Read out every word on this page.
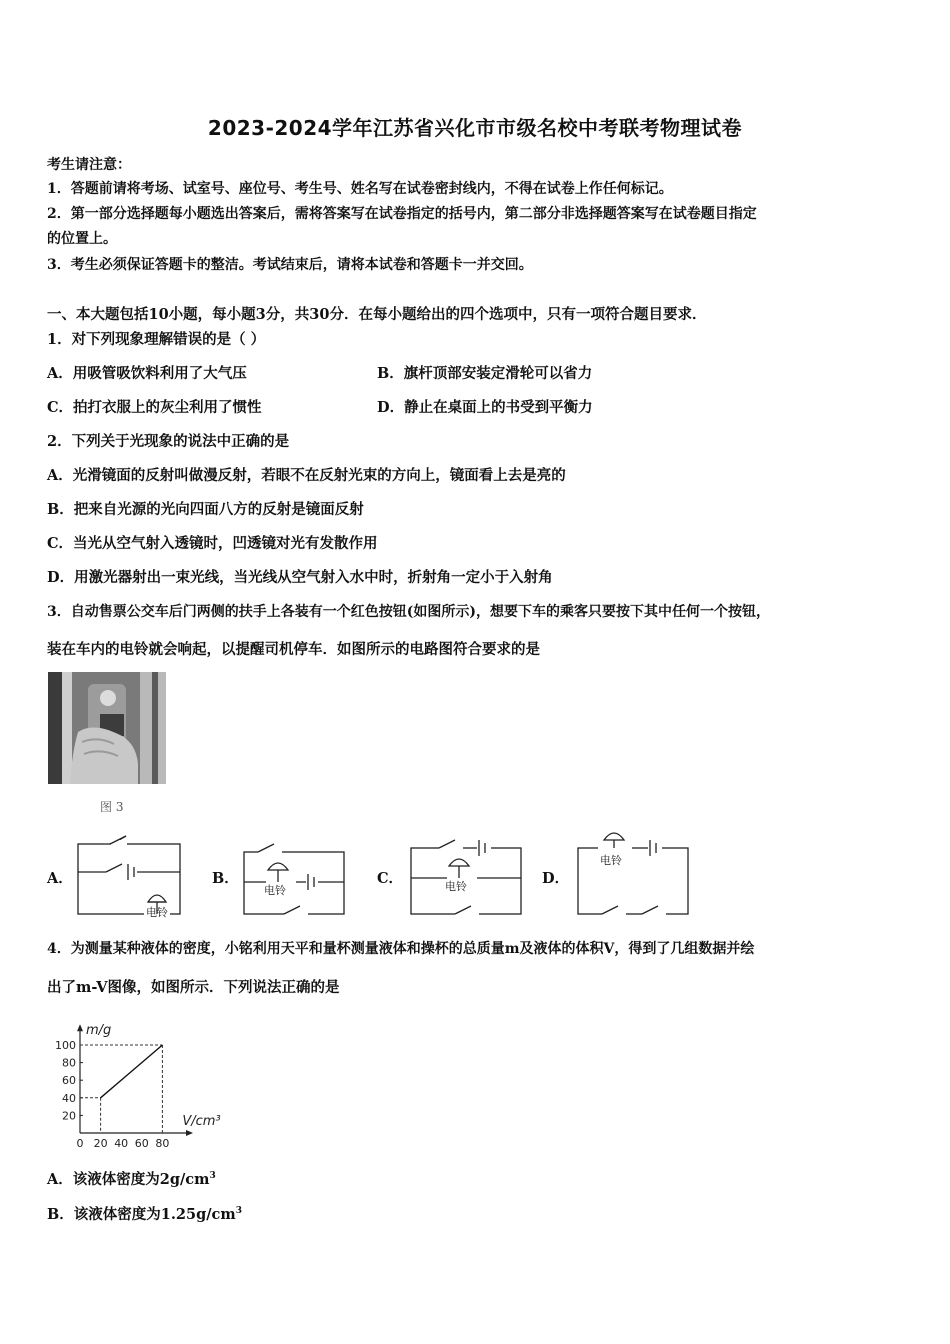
2023-2024学年江苏省兴化市市级名校中考联考物理试卷
考生请注意：
1．答题前请将考场、试室号、座位号、考生号、姓名写在试卷密封线内，不得在试卷上作任何标记。
2．第一部分选择题每小题选出答案后，需将答案写在试卷指定的括号内，第二部分非选择题答案写在试卷题目指定
的位置上。
3．考生必须保证答题卡的整洁。考试结束后，请将本试卷和答题卡一并交回。
一、本大题包括10小题，每小题3分，共30分．在每小题给出的四个选项中，只有一项符合题目要求．
1．对下列现象理解错误的是（ ）
A．用吸管吸饮料利用了大气压	B．旗杆顶部安装定滑轮可以省力
C．拍打衣服上的灰尘利用了惯性	D．静止在桌面上的书受到平衡力
2．下列关于光现象的说法中正确的是
A．光滑镜面的反射叫做漫反射，若眼不在反射光束的方向上，镜面看上去是亮的
B．把来自光源的光向四面八方的反射是镜面反射
C．当光从空气射入透镜时，凹透镜对光有发散作用
D．用激光器射出一束光线，当光线从空气射入水中时，折射角一定小于入射角
3．自动售票公交车后门两侧的扶手上各装有一个红色按钮(如图所示)，想要下车的乘客只要按下其中任何一个按钮，
装在车内的电铃就会响起，以提醒司机停车．如图所示的电路图符合要求的是
图 3
A．	B．	C．	D．
电铃
电铃	电铃
电铃
4．为测量某种液体的密度，小铭利用天平和量杯测量液体和操杯的总质量m及液体的体积V，得到了几组数据并绘
出了m-V图像，如图所示．下列说法正确的是
0 20 40 60 80
20
40
60
80
100
m/g
V/cm³
A．该液体密度为$2g/cm^3$
B．该液体密度为$1.25g/cm^3$
